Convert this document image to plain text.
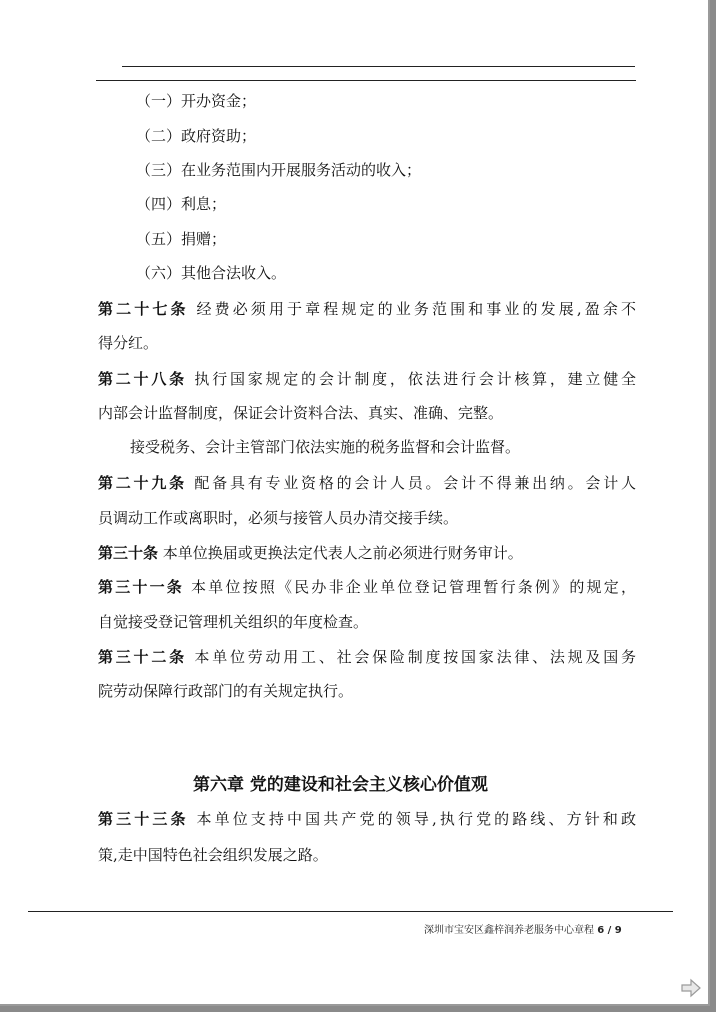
（一）开办资金；
（二）政府资助；
（三）在业务范围内开展服务活动的收入；
（四）利息；
（五）捐赠；
（六）其他合法收入。
第二十七条 经费必须用于章程规定的业务范围和事业的发展,盈余不
得分红。
第二十八条 执行国家规定的会计制度，依法进行会计核算，建立健全
内部会计监督制度，保证会计资料合法、真实、准确、完整。
接受税务、会计主管部门依法实施的税务监督和会计监督。
第二十九条 配备具有专业资格的会计人员。会计不得兼出纳。会计人
员调动工作或离职时，必须与接管人员办清交接手续。
第三十条 本单位换届或更换法定代表人之前必须进行财务审计。
第三十一条 本单位按照《民办非企业单位登记管理暂行条例》的规定，
自觉接受登记管理机关组织的年度检查。
第三十二条 本单位劳动用工、社会保险制度按国家法律、法规及国务
院劳动保障行政部门的有关规定执行。
第六章 党的建设和社会主义核心价值观
第三十三条 本单位支持中国共产党的领导,执行党的路线、方针和政
策,走中国特色社会组织发展之路。
深圳市宝安区鑫梓润养老服务中心章程 6 / 9
